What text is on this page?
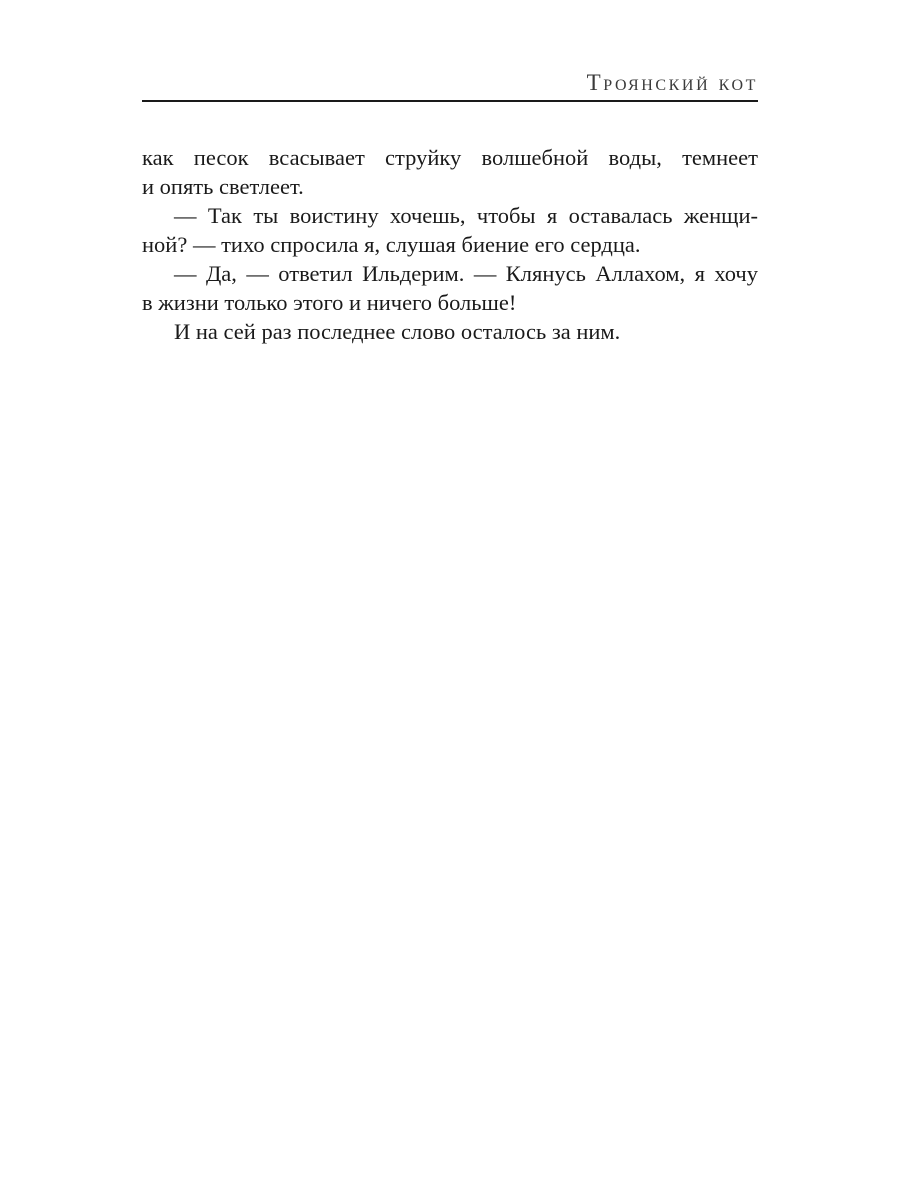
Троянский кот
как песок всасывает струйку волшебной воды, темнеет
и опять светлеет.
— Так ты воистину хочешь, чтобы я оставалась женщи-
ной? — тихо спросила я, слушая биение его сердца.
— Да, — ответил Ильдерим. — Клянусь Аллахом, я хочу
в жизни только этого и ничего больше!
И на сей раз последнее слово осталось за ним.
